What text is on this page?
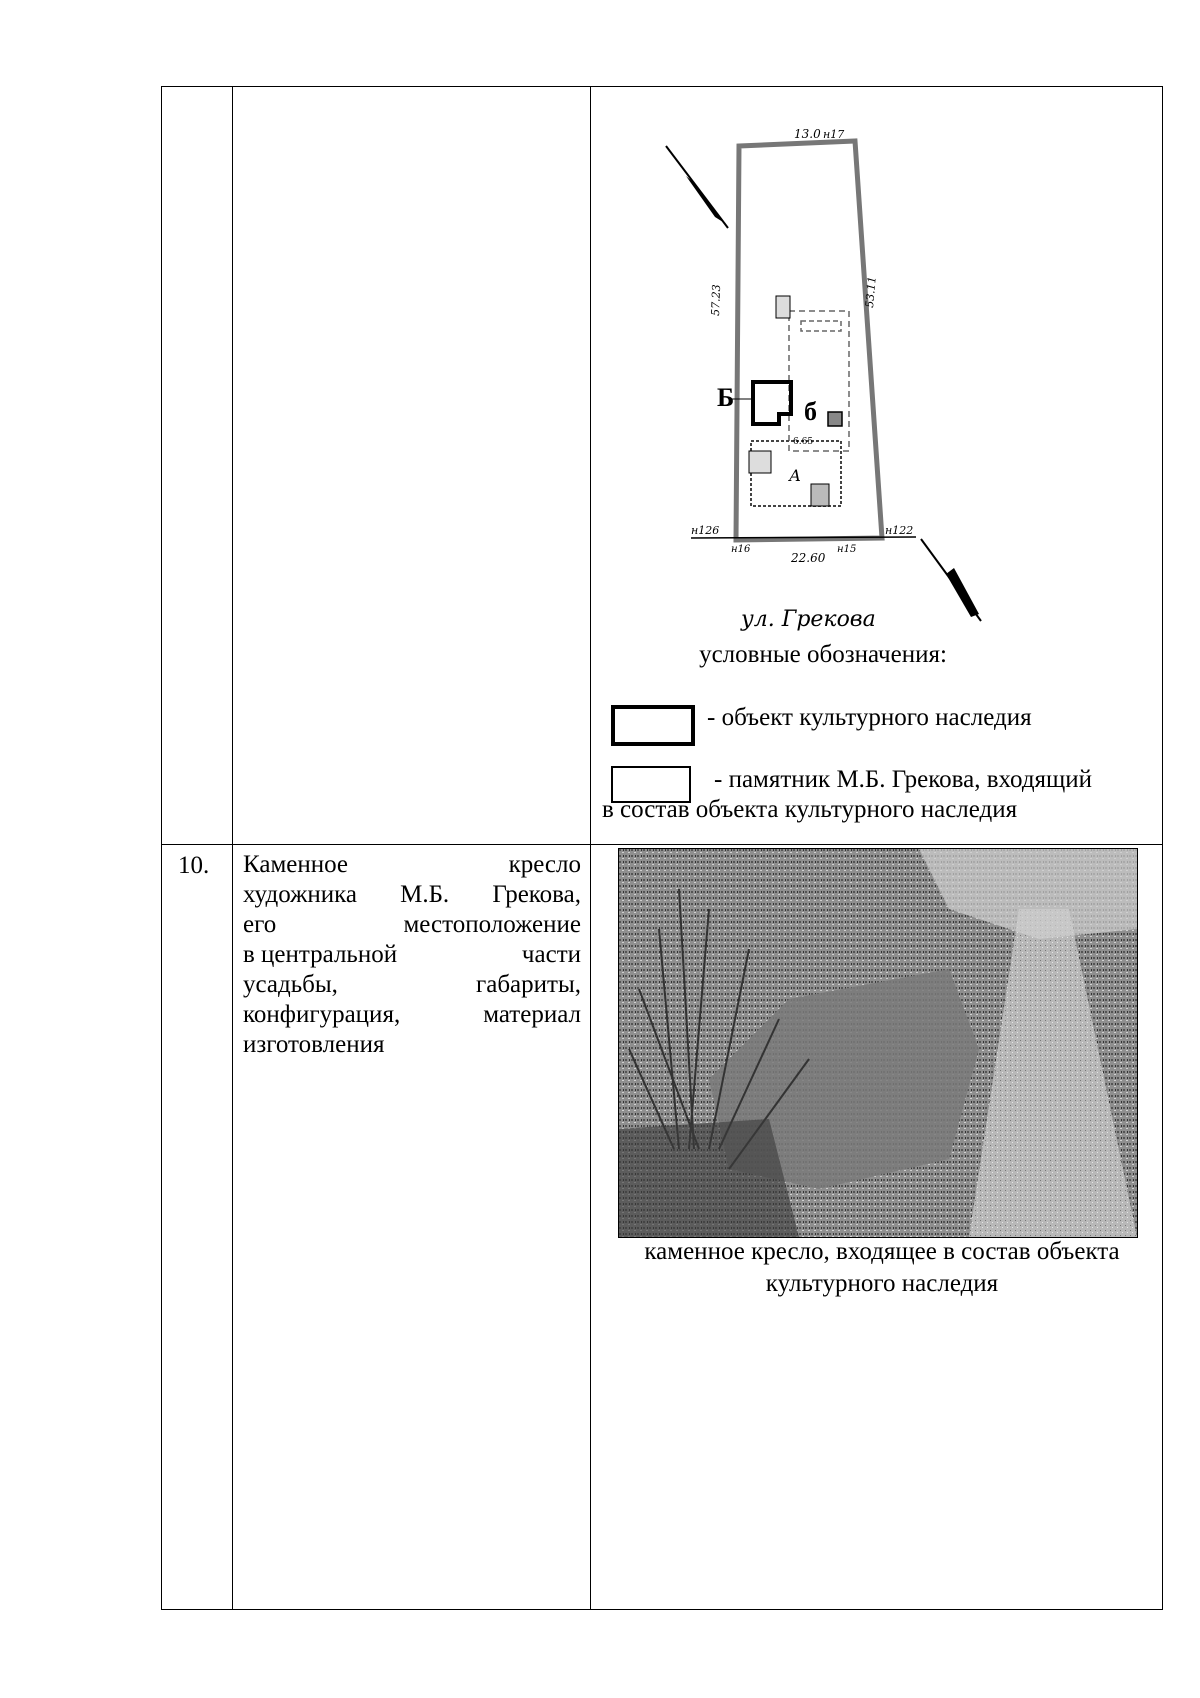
13.0 н17
57.23	53.11
22.60
н126	н122
н16	н15
Б	б
А
6.65
ул. Грекова
условные обозначения:
- объект культурного наследия
- памятник М.Б. Грекова, входящий
в состав объекта культурного наследия
10. Каменное	кресло
художника М.Б. Грекова,
его	местоположение
в центральной	части
усадьбы,	габариты,
конфигурация,	материал
изготовления
каменное кресло, входящее в состав объекта
культурного наследия
